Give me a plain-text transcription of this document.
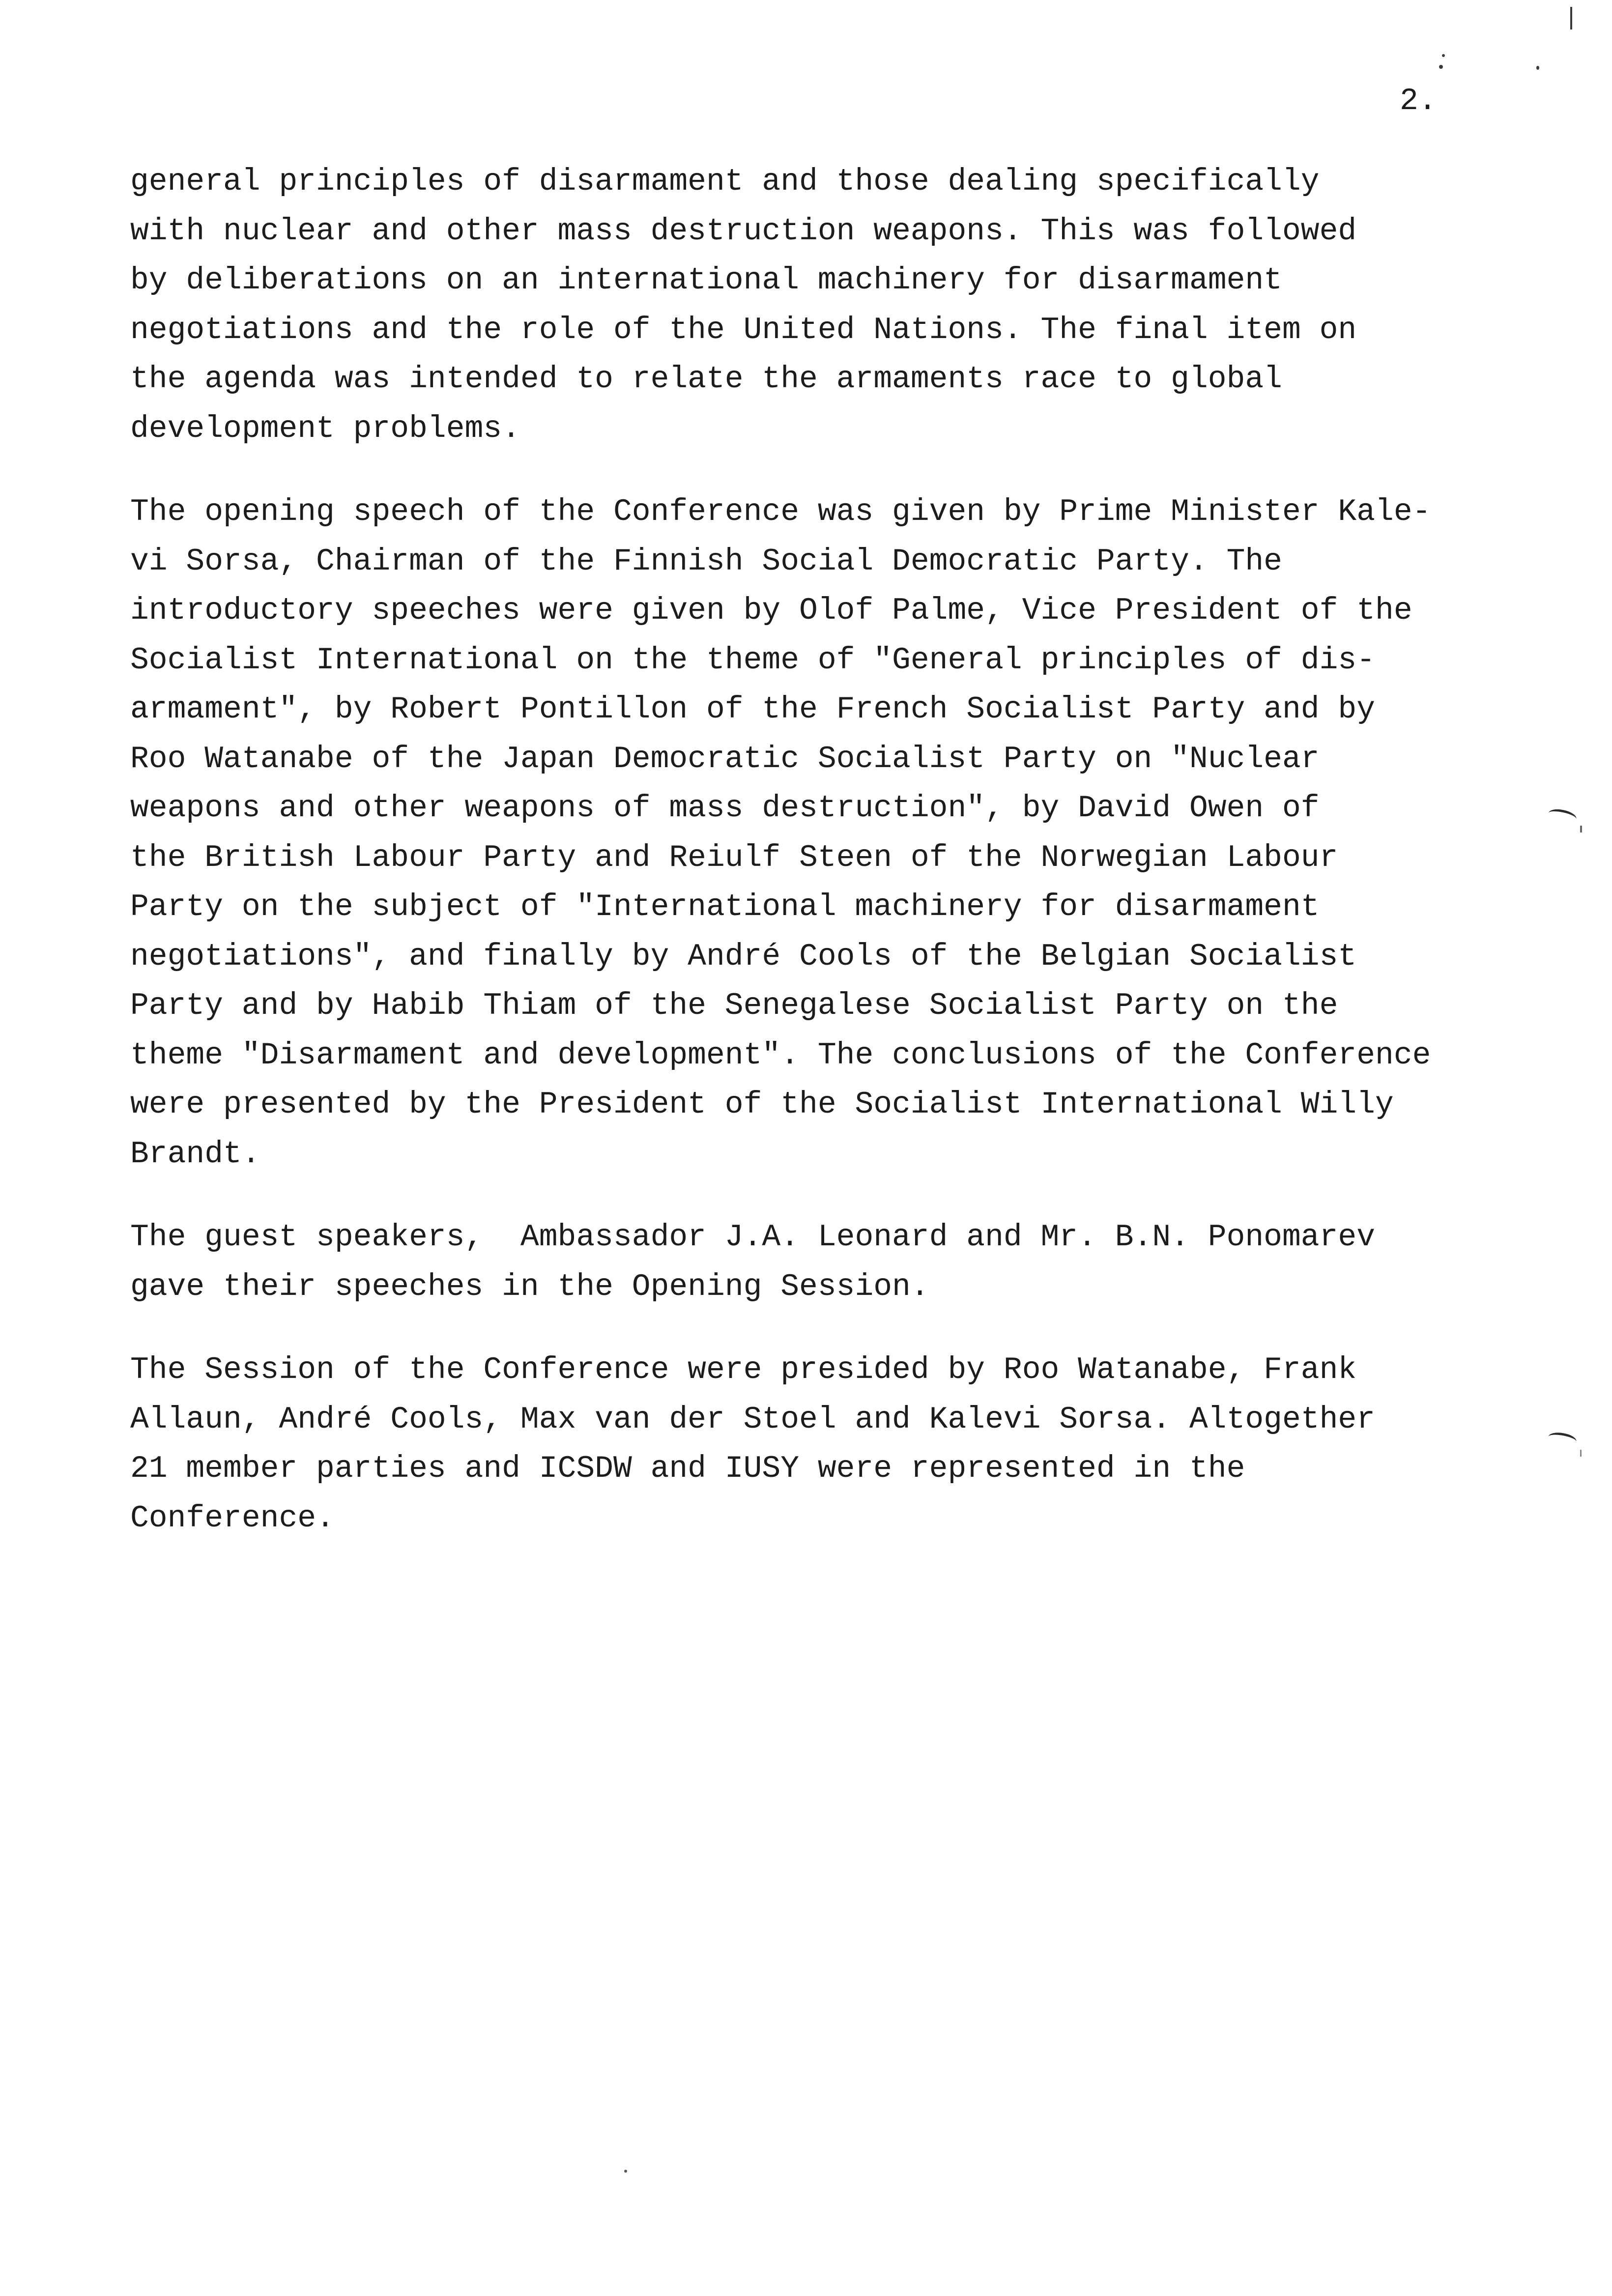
2.
general principles of disarmament and those dealing specifically
with nuclear and other mass destruction weapons. This was followed
by deliberations on an international machinery for disarmament
negotiations and the role of the United Nations. The final item on
the agenda was intended to relate the armaments race to global
development problems.
The opening speech of the Conference was given by Prime Minister Kale-
vi Sorsa, Chairman of the Finnish Social Democratic Party. The
introductory speeches were given by Olof Palme, Vice President of the
Socialist International on the theme of "General principles of dis-
armament", by Robert Pontillon of the French Socialist Party and by
Roo Watanabe of the Japan Democratic Socialist Party on "Nuclear
weapons and other weapons of mass destruction", by David Owen of
the British Labour Party and Reiulf Steen of the Norwegian Labour
Party on the subject of "International machinery for disarmament
negotiations", and finally by André Cools of the Belgian Socialist
Party and by Habib Thiam of the Senegalese Socialist Party on the
theme "Disarmament and development". The conclusions of the Conference
were presented by the President of the Socialist International Willy
Brandt.
The guest speakers,  Ambassador J.A. Leonard and Mr. B.N. Ponomarev
gave their speeches in the Opening Session.
The Session of the Conference were presided by Roo Watanabe, Frank
Allaun, André Cools, Max van der Stoel and Kalevi Sorsa. Altogether
21 member parties and ICSDW and IUSY were represented in the
Conference.
